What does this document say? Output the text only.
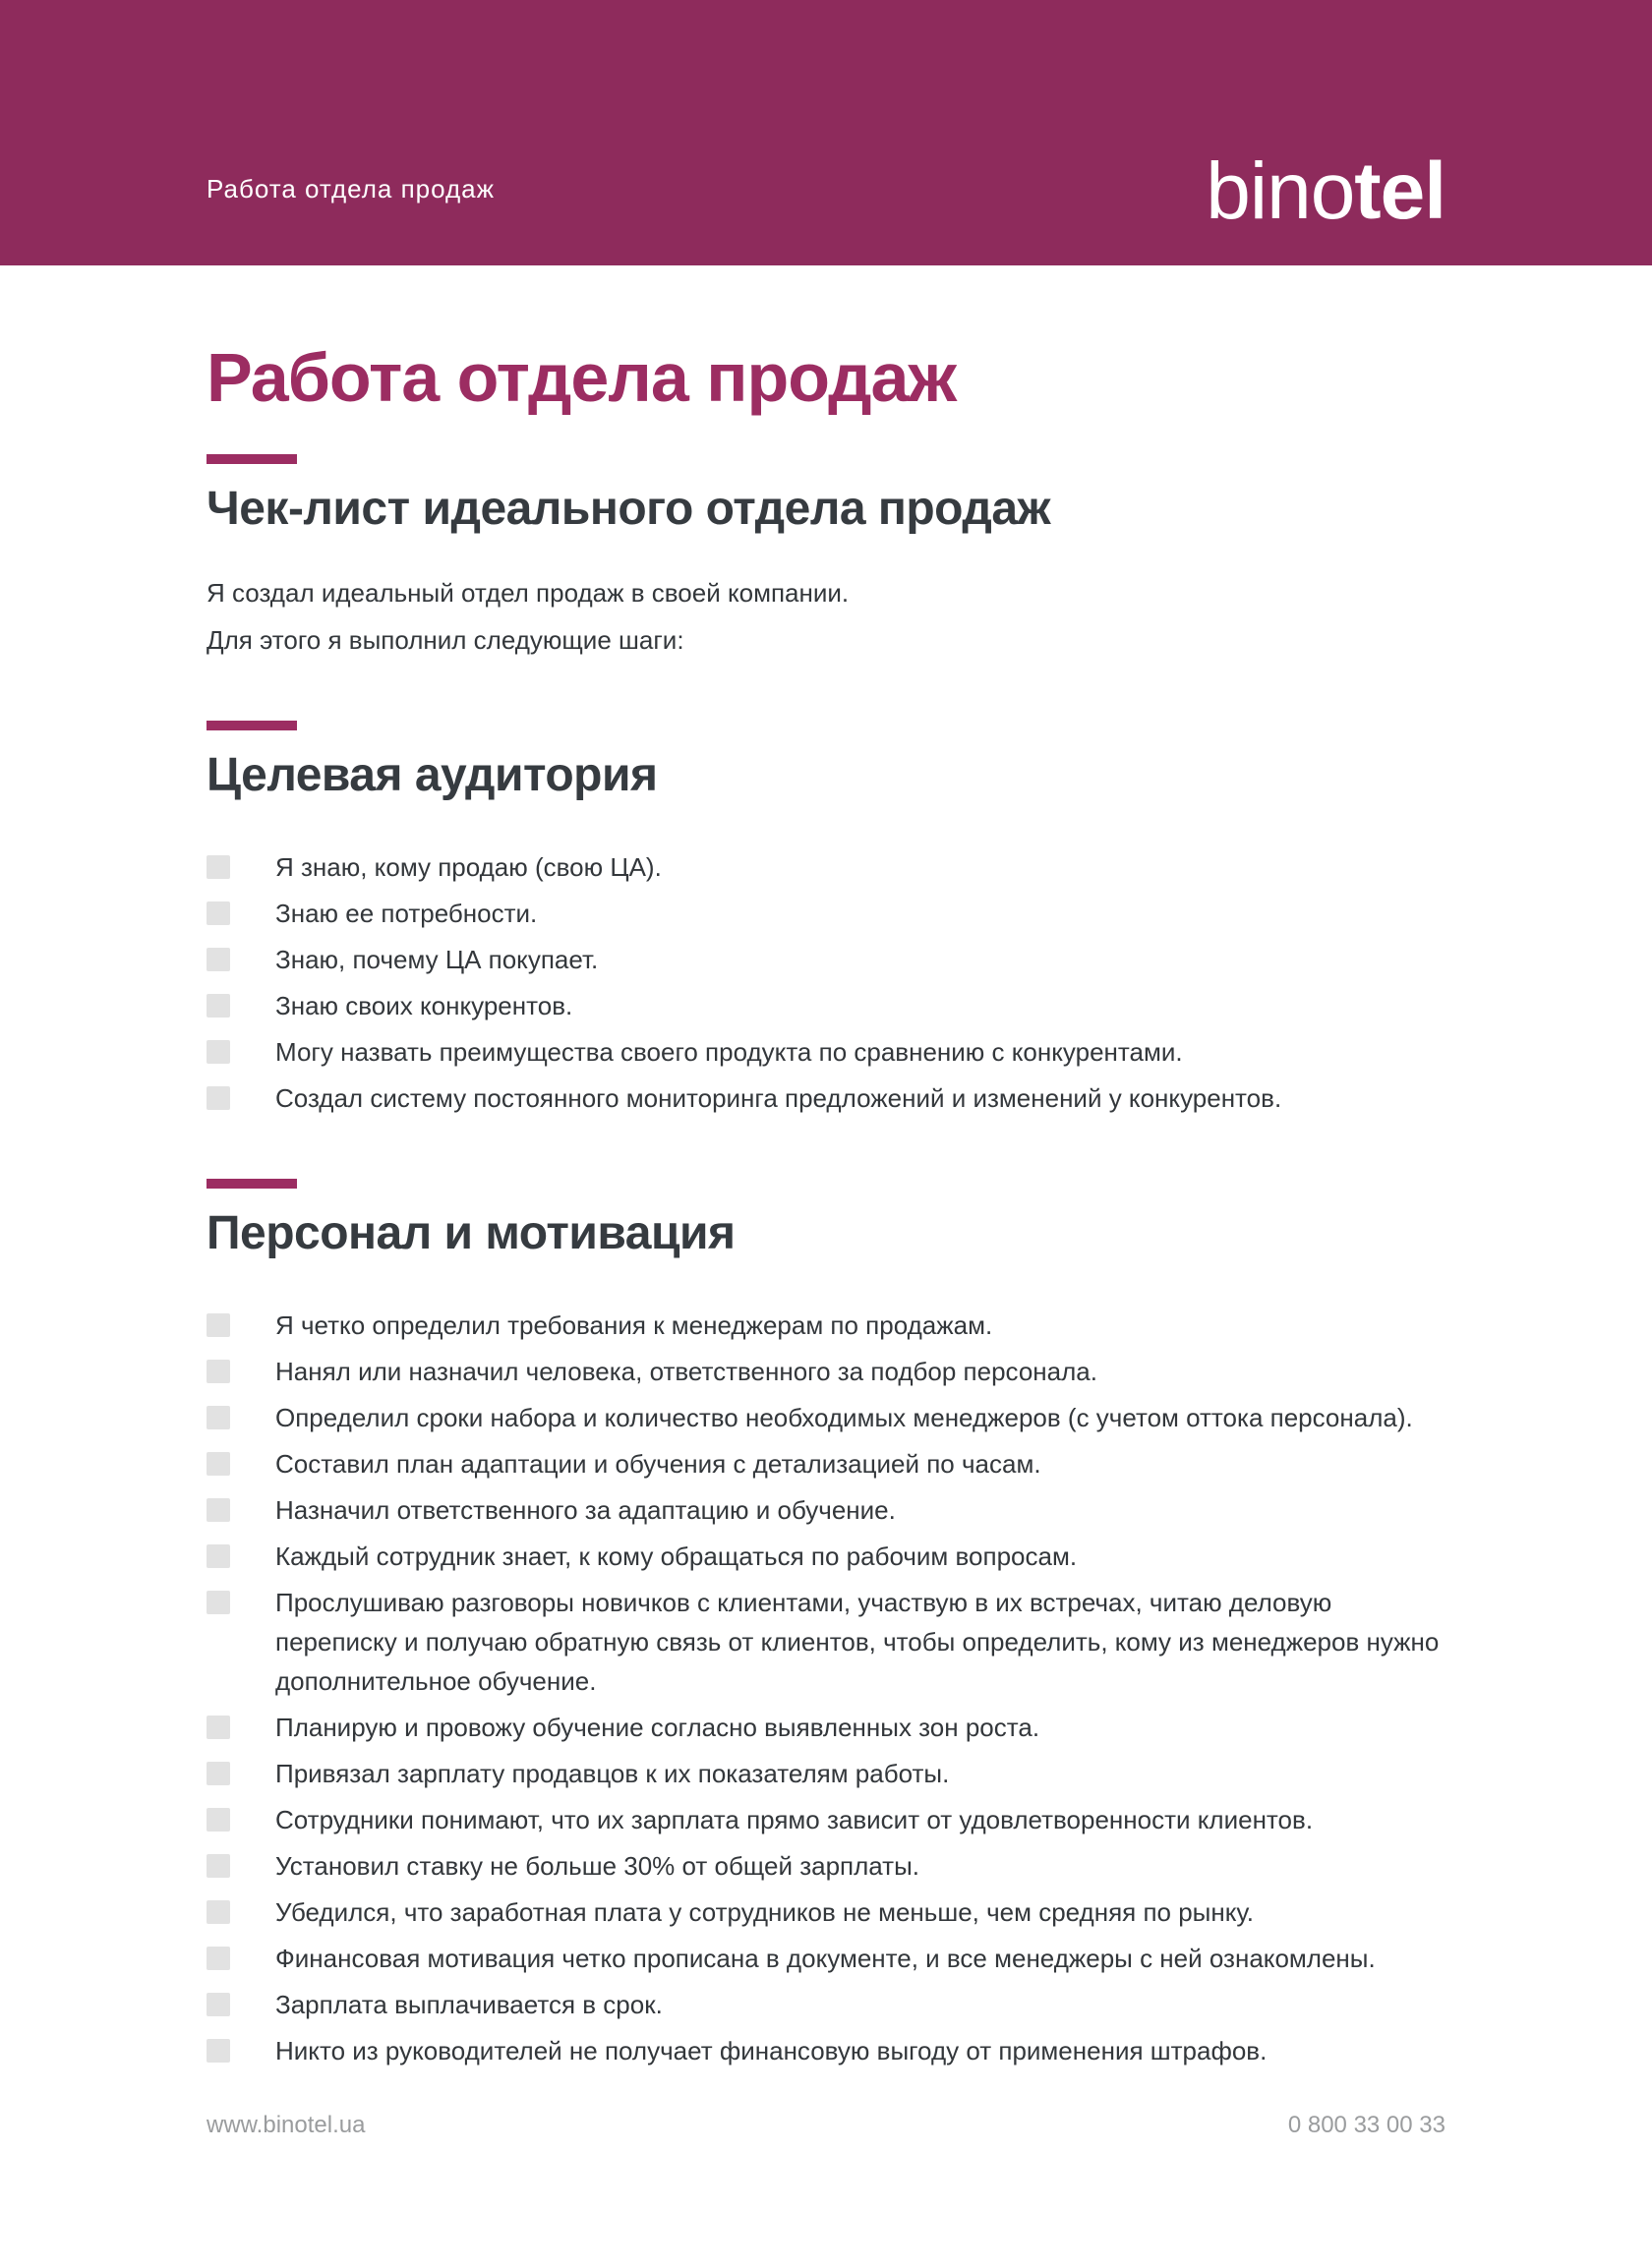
Работа отдела продаж	binotel
Работа отдела продаж
Чек-лист идеального отдела продаж

Я создал идеальный отдел продаж в своей компании.

Для этого я выполнил следующие шаги:

Целевая аудитория
Я знаю, кому продаю (свою ЦА).
Знаю ее потребности.
Знаю, почему ЦА покупает.
Знаю своих конкурентов.
Могу назвать преимущества своего продукта по сравнению с конкурентами.
Создал систему постоянного мониторинга предложений и изменений у конкурентов.
Персонал и мотивация
Я четко определил требования к менеджерам по продажам.
Нанял или назначил человека, ответственного за подбор персонала.
Определил сроки набора и количество необходимых менеджеров (с учетом оттока персонала).
Составил план адаптации и обучения с детализацией по часам.
Назначил ответственного за адаптацию и обучение.
Каждый сотрудник знает, к кому обращаться по рабочим вопросам.
Прослушиваю разговоры новичков с клиентами, участвую в их встречах, читаю деловую переписку и получаю обратную связь от клиентов, чтобы определить, кому из менеджеров нужно дополнительное обучение.
Планирую и провожу обучение согласно выявленных зон роста.
Привязал зарплату продавцов к их показателям работы.
Сотрудники понимают, что их зарплата прямо зависит от удовлетворенности клиентов.
Установил ставку не больше 30% от общей зарплаты.
Убедился, что заработная плата у сотрудников не меньше, чем средняя по рынку.
Финансовая мотивация четко прописана в документе, и все менеджеры с ней ознакомлены.
Зарплата выплачивается в срок.
Никто из руководителей не получает финансовую выгоду от применения штрафов.
www.binotel.ua	0 800 33 00 33
